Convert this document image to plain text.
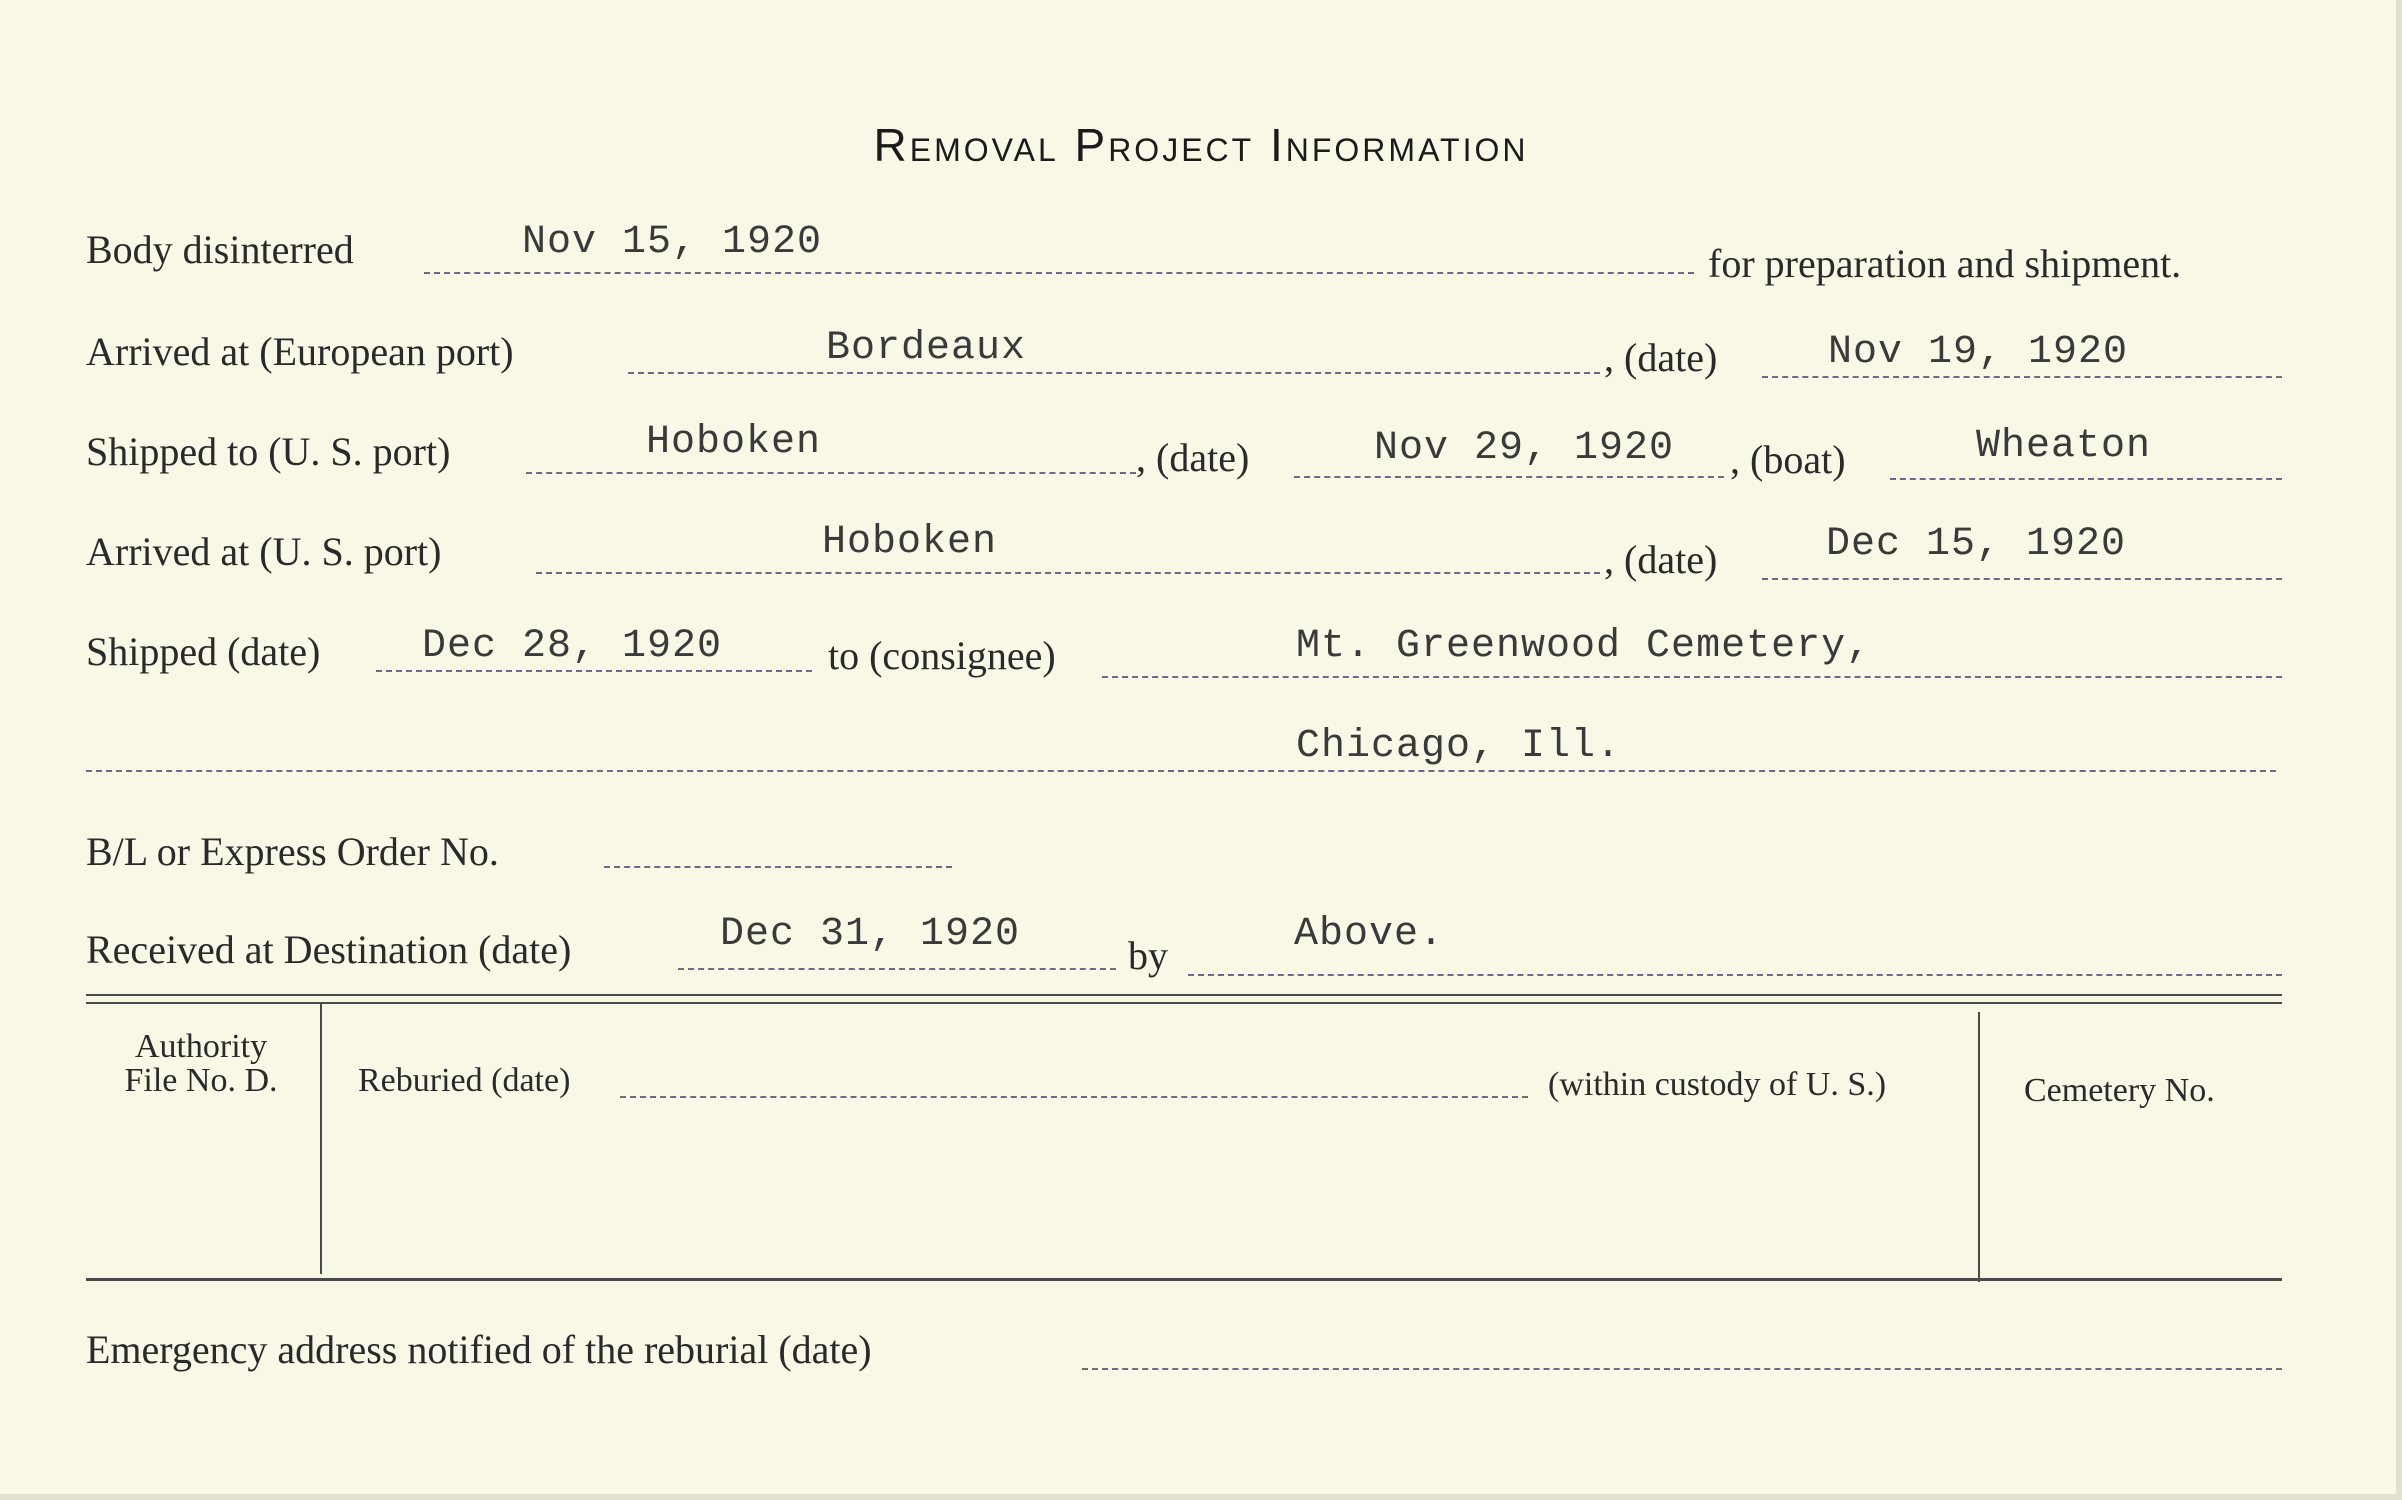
Removal Project Information
Body disinterred	Nov 15, 1920	for preparation and shipment.
Arrived at (European port)	Bordeaux	, (date)	Nov 19, 1920
Shipped to (U. S. port)	Hoboken	, (date)	Nov 29, 1920 , (boat)	Wheaton
Arrived at (U. S. port)	Hoboken	, (date)	Dec 15, 1920
Shipped (date)	Dec 28, 1920	to (consignee)	Mt. Greenwood Cemetery,
Chicago, Ill.
B/L or Express Order No.
Received at Destination (date)	Dec 31, 1920	by	Above.
Authority
File No. D.	Reburied (date)	(within custody of U. S.)	Cemetery No.
Emergency address notified of the reburial (date)
